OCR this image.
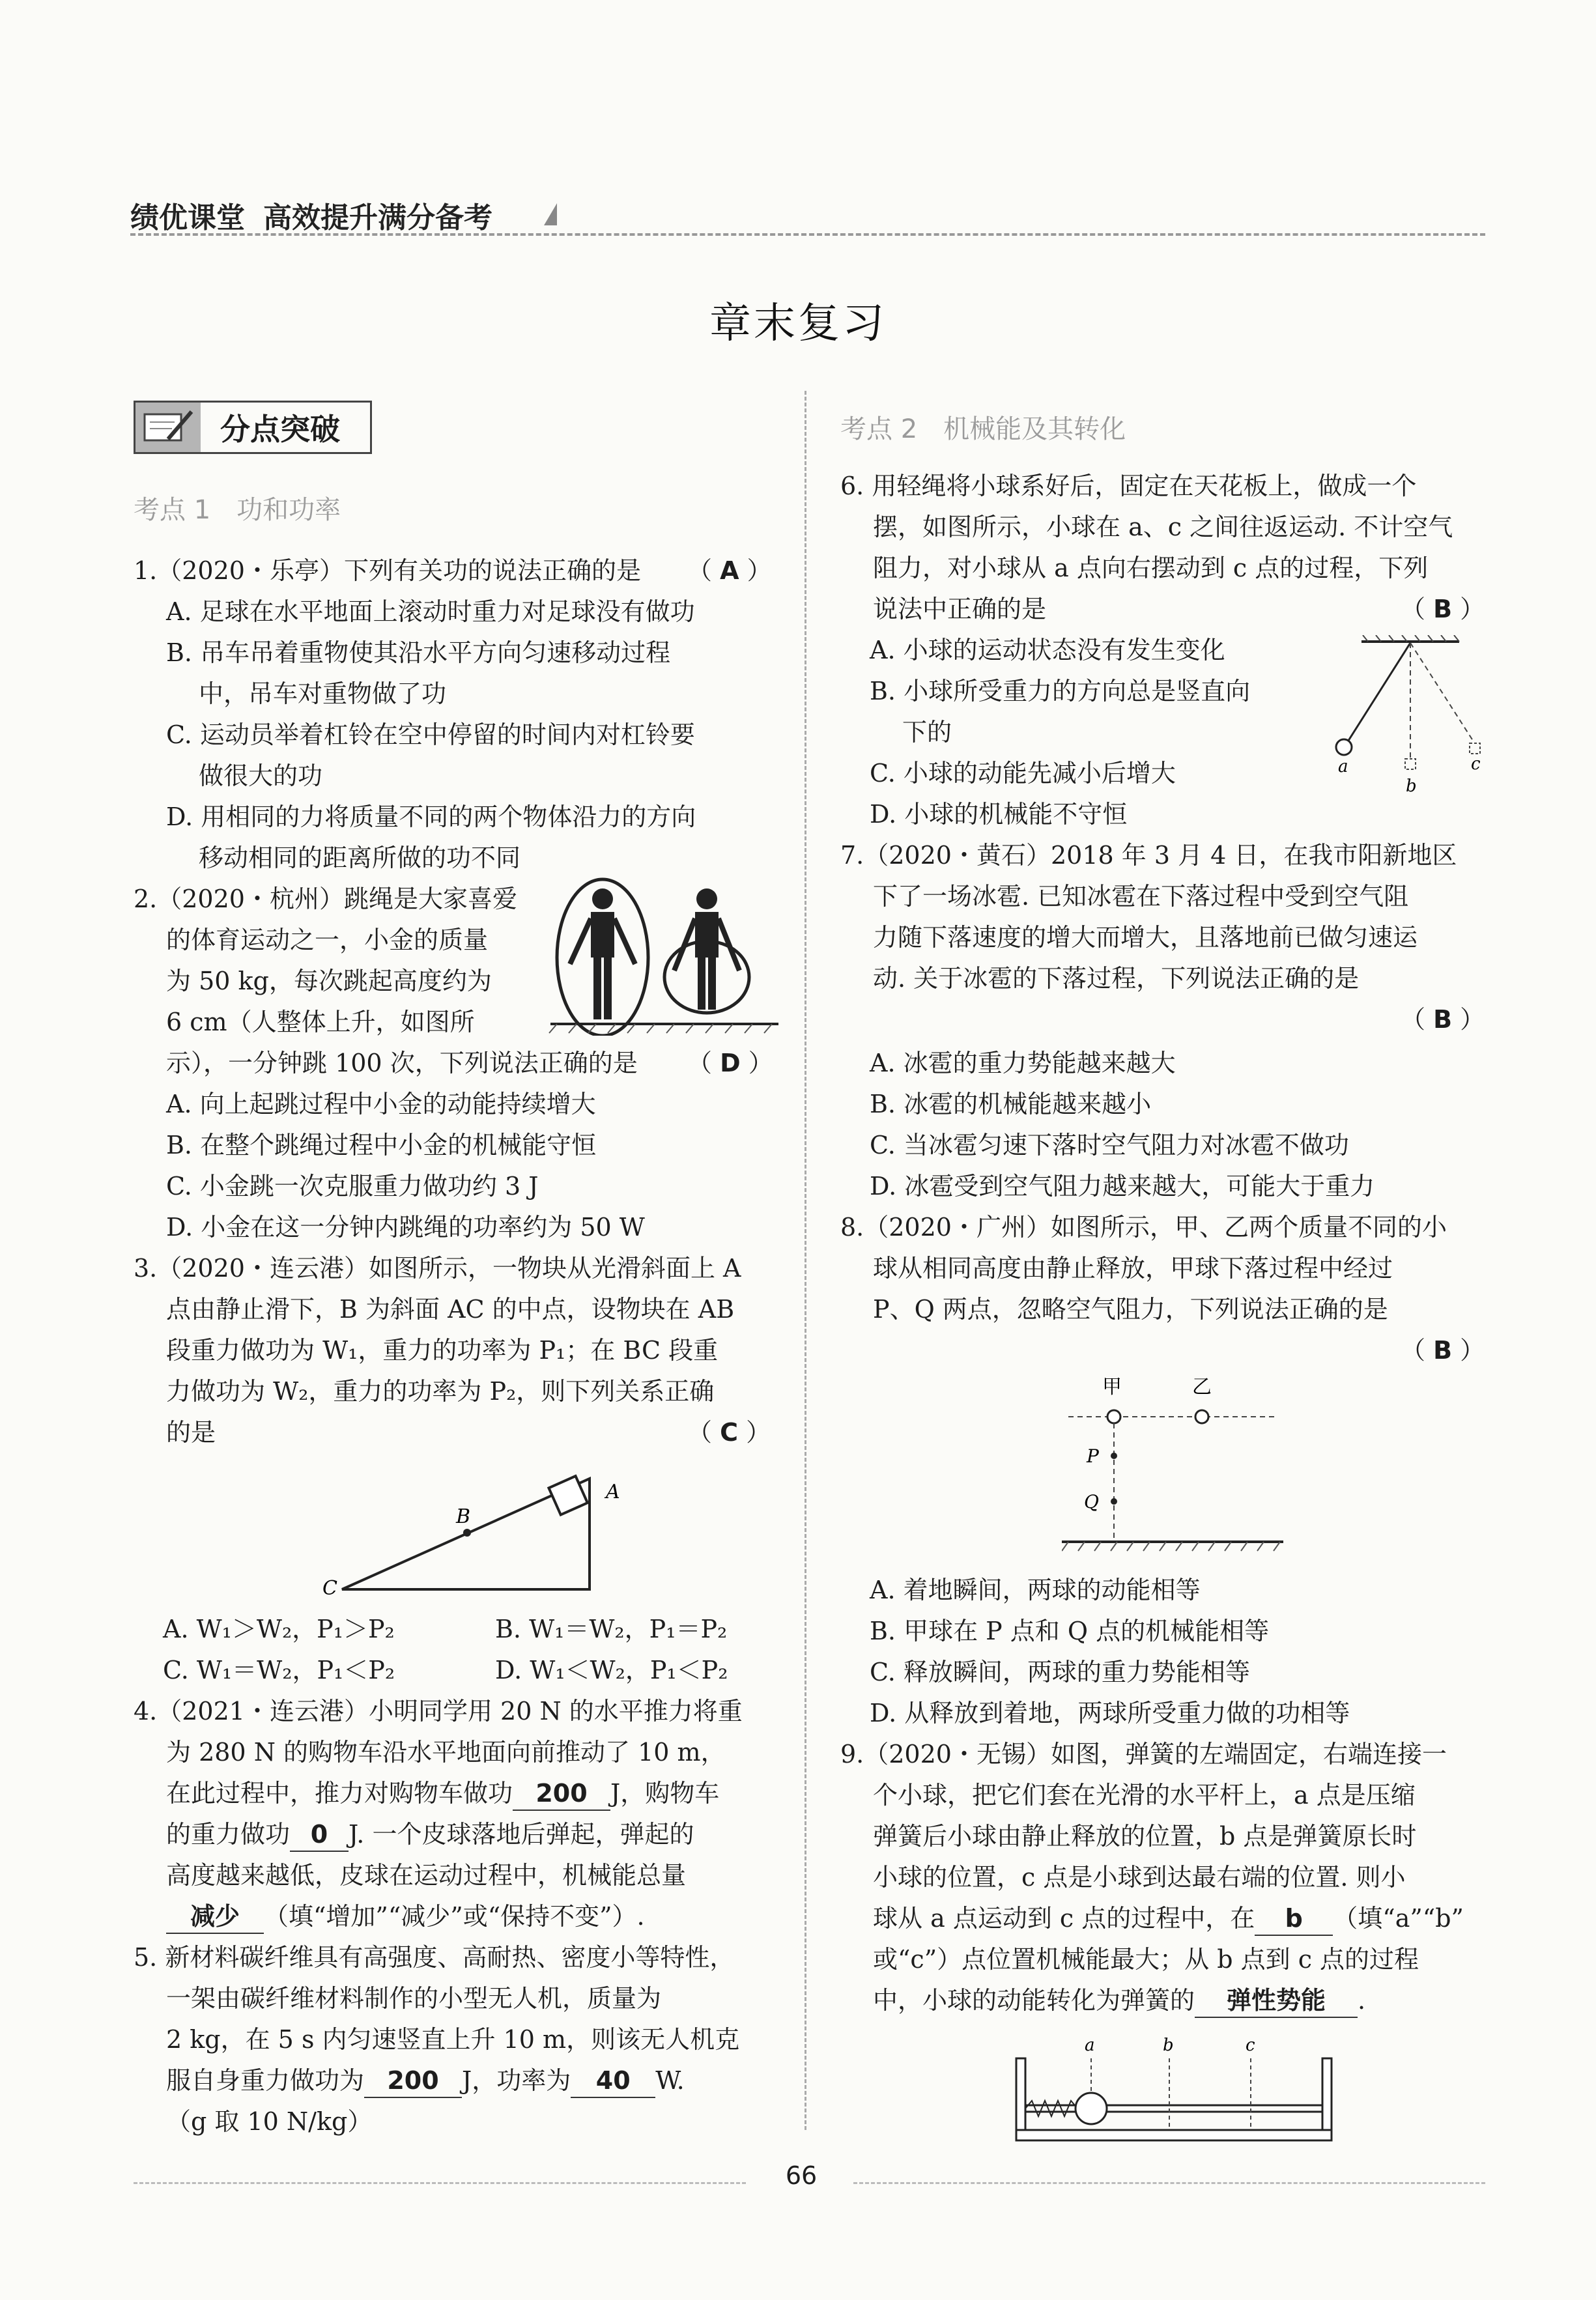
绩优课堂 高效提升满分备考
章末复习
分点突破
考点 1　功和功率
1.（2020・乐亭）下列有关功的说法正确的是 （ A ）
A. 足球在水平地面上滚动时重力对足球没有做功
B. 吊车吊着重物使其沿水平方向匀速移动过程
中，吊车对重物做了功
C. 运动员举着杠铃在空中停留的时间内对杠铃要
做很大的功
D. 用相同的力将质量不同的两个物体沿力的方向
移动相同的距离所做的功不同
2.（2020・杭州）跳绳是大家喜爱
的体育运动之一，小金的质量
为 50 kg，每次跳起高度约为
6 cm（人整体上升，如图所
示），一分钟跳 100 次，下列说法正确的是 （ D ）
A. 向上起跳过程中小金的动能持续增大
B. 在整个跳绳过程中小金的机械能守恒
C. 小金跳一次克服重力做功约 3 J
D. 小金在这一分钟内跳绳的功率约为 50 W
3.（2020・连云港）如图所示，一物块从光滑斜面上 A
点由静止滑下，B 为斜面 AC 的中点，设物块在 AB
段重力做功为 W₁，重力的功率为 P₁；在 BC 段重
力做功为 W₂，重力的功率为 P₂，则下列关系正确
的是	（ C ）
B
A
C
A. W₁＞W₂，P₁＞P₂	B. W₁＝W₂，P₁＝P₂
C. W₁＝W₂，P₁＜P₂	D. W₁＜W₂，P₁＜P₂
4.（2021・连云港）小明同学用 20 N 的水平推力将重
为 280 N 的购物车沿水平地面向前推动了 10 m，
在此过程中，推力对购物车做功 200 J，购物车
的重力做功 0 J. 一个皮球落地后弹起，弹起的
高度越来越低，皮球在运动过程中，机械能总量
减少 （填“增加”“减少”或“保持不变”）.
5. 新材料碳纤维具有高强度、高耐热、密度小等特性，
一架由碳纤维材料制作的小型无人机，质量为
2 kg，在 5 s 内匀速竖直上升 10 m，则该无人机克
服自身重力做功为 200 J，功率为 40 W.
（g 取 10 N/kg）
考点 2　机械能及其转化
6. 用轻绳将小球系好后，固定在天花板上，做成一个
摆，如图所示，小球在 a、c 之间往返运动. 不计空气
阻力，对小球从 a 点向右摆动到 c 点的过程，下列
说法中正确的是	（ B ）
A. 小球的运动状态没有发生变化
B. 小球所受重力的方向总是竖直向
下的
C. 小球的动能先减小后增大
D. 小球的机械能不守恒
a
b
c
7.（2020・黄石）2018 年 3 月 4 日，在我市阳新地区
下了一场冰雹. 已知冰雹在下落过程中受到空气阻
力随下落速度的增大而增大，且落地前已做匀速运
动. 关于冰雹的下落过程，下列说法正确的是
（ B ）
A. 冰雹的重力势能越来越大
B. 冰雹的机械能越来越小
C. 当冰雹匀速下落时空气阻力对冰雹不做功
D. 冰雹受到空气阻力越来越大，可能大于重力
8.（2020・广州）如图所示，甲、乙两个质量不同的小
球从相同高度由静止释放，甲球下落过程中经过
P、Q 两点，忽略空气阻力，下列说法正确的是
（ B ）
甲	乙
P
Q
A. 着地瞬间，两球的动能相等
B. 甲球在 P 点和 Q 点的机械能相等
C. 释放瞬间，两球的重力势能相等
D. 从释放到着地，两球所受重力做的功相等
9.（2020・无锡）如图，弹簧的左端固定，右端连接一
个小球，把它们套在光滑的水平杆上，a 点是压缩
弹簧后小球由静止释放的位置，b 点是弹簧原长时
小球的位置，c 点是小球到达最右端的位置. 则小
球从 a 点运动到 c 点的过程中，在 b （填“a”“b”
或“c”）点位置机械能最大；从 b 点到 c 点的过程
中，小球的动能转化为弹簧的 弹性势能 .
a	b	c
66
